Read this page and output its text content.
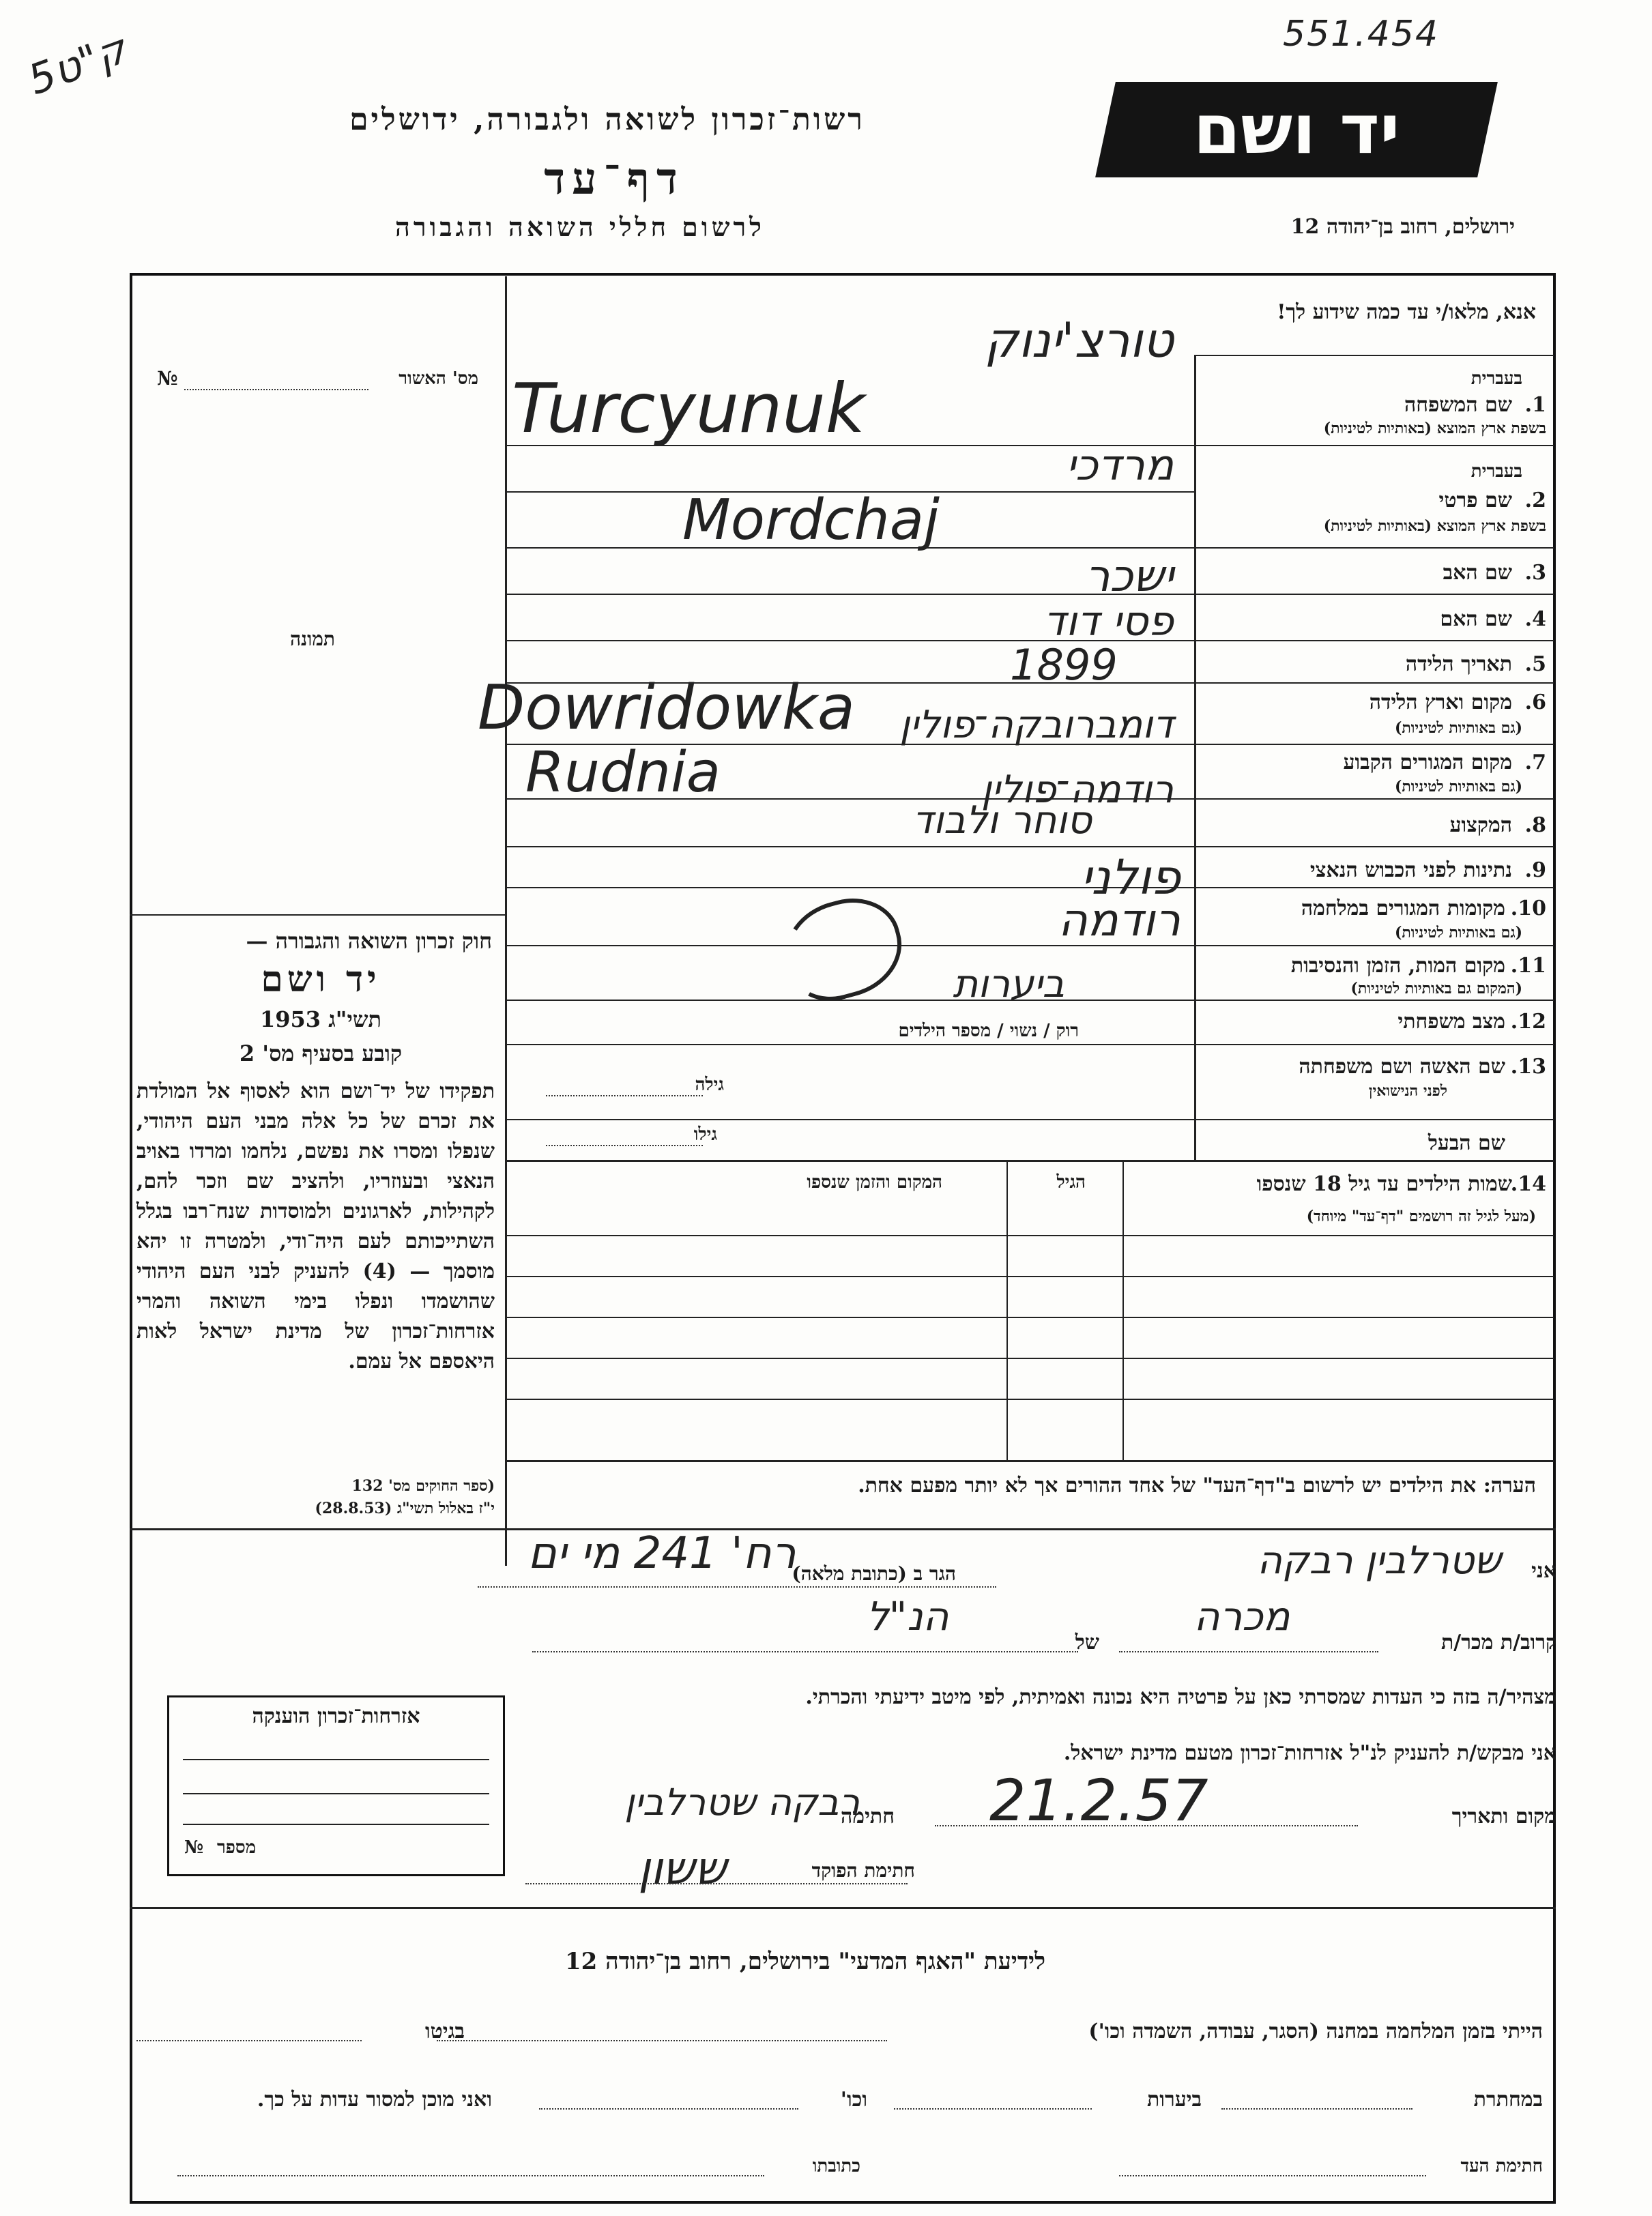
551.454
5ק"ט
רשות־זכרון לשואה ולגבורה, ידושלים
דף־עד
לרשום חללי השואה והגבורה
יד ושם
ירושלים, רחוב בן־יהודה 12
אנא, מלאו/י עד כמה שידוע לך!
מס' האשור
№
תמונה
חוק זכרון השואה והגבורה —
יד ושם
תשי"ג 1953
קובע בסעיף מס' 2
תפקידו של יד־ושם הוא לאסוף אל המולדת את זכרם של כל אלה מבני העם היהודי, שנפלו ומסרו את נפשם, נלחמו ומרדו באויב הנאצי ובעוזריו, ולהציב שם וזכר להם, לקהילות, לארגונים ולמוסדות שנח־רבו בגלל השתייכותם לעם היה־ודי, ולמטרה זו יהא מוסמך — (4) להעניק לבני העם היהודי שהושמדו ונפלו בימי השואה והמרי אזרחות־זכרון של מדינת ישראל לאות היאספם אל עמם.
(ספר החוקים מס' 132
י"ז באלול תשי"ג (28.8.53)
בעברית
1.
שם המשפחה
בשפת ארץ המוצא (באותיות לטיניות)
בעברית
2.
שם פרטי
בשפת ארץ המוצא (באותיות לטיניות)
3.
שם האב
4.
שם האם
5.
תאריך הלידה
6.
מקום וארץ הלידה
(גם באותיות לטיניות)
7.
מקום המגורים הקבוע
(גם באותיות לטיניות)
8.
המקצוע
9.
נתינות לפני הכבוש הנאצי
10.
מקומות המגורים במלחמה
(גם באותיות לטיניות)
11.
מקום המות, הזמן והנסיבות
(המקום גם באותיות לטיניות)
12.
מצב משפחתי
13.
שם האשה ושם משפחתה
לפני הנישואין
שם הבעל
טורצ'ינוק
Turcyunuk
מרדכי
Mordchaj
ישכר
פסי דוד
1899
Dowridowka	דומברובקה־פולין
Rudnia	רודמה־פולין
סוחר ולבוד
פולני
רודמה
ביערות
רוק / נשוי / מספר הילדים
גילה
גילו
14.
שמות הילדים עד גיל 18 שנספו
(מעל לגיל זה רושמים "דף־עד" מיוחד)
הגיל
המקום והזמן שנספו
הערה: את הילדים יש לרשום ב"דף־העד" של אחד ההורים אך לא יותר מפעם אחת.
אני
שטרלבין רבקה
הגר ב (כתובת מלאה)
רח' 241 מי ים
קרוב/ת מכר/ת
מכרה
של
הנ"ל
מצהיר/ה בזה כי העדות שמסרתי כאן על פרטיה היא נכונה ואמיתית, לפי מיטב ידיעתי והכרתי.
אני מבקש/ת להעניק לנ"ל אזרחות־זכרון מטעם מדינת ישראל.
מקום ותאריך
21.2.57
חתימה
רבקה שטרלבין
חתימת הפוקד
ששון
אזרחות־זכרון הוענקה
№ מספר
לידיעת "האגף המדעי" בירושלים, רחוב בן־יהודה 12
הייתי בזמן המלחמה במחנה (הסגר, עבודה, השמדה וכו')
בגיטו
במחתרת
ביערות
וכו'
ואני מוכן למסור עדות על כך.
חתימת העד
כתובתו
